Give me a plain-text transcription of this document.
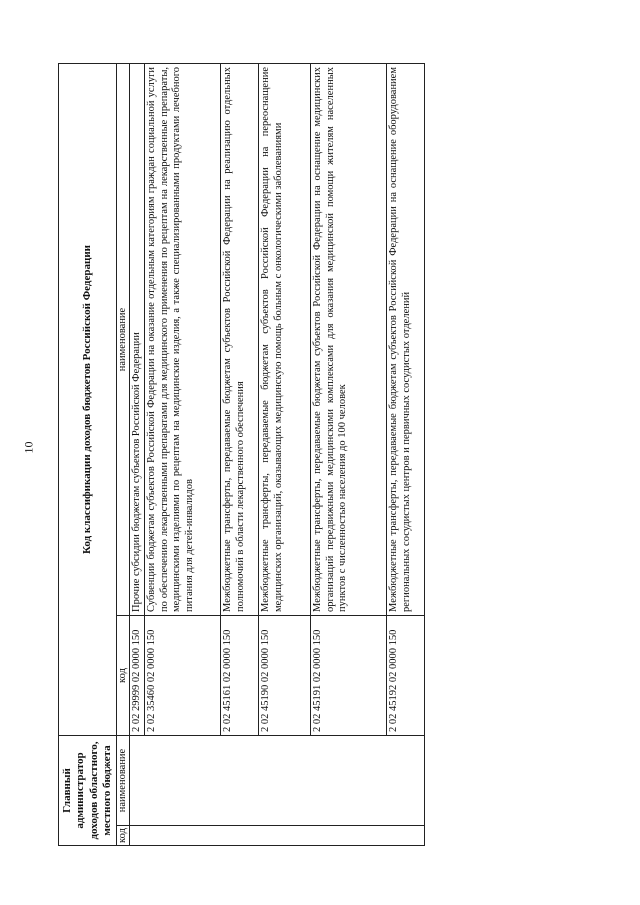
10
Главный администратор доходов областного, местного бюджета		Код классификации доходов бюджетов Российской Федерации	
код	наименование	код	наименование
		2 02 29999 02 0000 150	Прочие субсидии бюджетам субъектов Российской Федерации
		2 02 35460 02 0000 150	Субвенции бюджетам субъектов Российской Федерации на оказание отдельным категориям граждан социальной услуги по обеспечению лекарственными препаратами для медицинского применения по рецептам на лекарственные препараты, медицинскими изделиями по рецептам на медицинские изделия, а также специализированными продуктами лечебного питания для детей-инвалидов
		2 02 45161 02 0000 150	Межбюджетные трансферты, передаваемые бюджетам субъектов Российской Федерации на реализацию отдельных полномочий в области лекарственного обеспечения
		2 02 45190 02 0000 150	Межбюджетные трансферты, передаваемые бюджетам субъектов Российской Федерации на переоснащение медицинских организаций, оказывающих медицинскую помощь больным с онкологическими заболеваниями
		2 02 45191 02 0000 150	Межбюджетные трансферты, передаваемые бюджетам субъектов Российской Федерации на оснащение медицинских организаций передвижными медицинскими комплексами для оказания медицинской помощи жителям населенных пунктов с численностью населения до 100 человек
		2 02 45192 02 0000 150	Межбюджетные трансферты, передаваемые бюджетам субъектов Российской Федерации на оснащение оборудованием региональных сосудистых центров и первичных сосудистых отделений
